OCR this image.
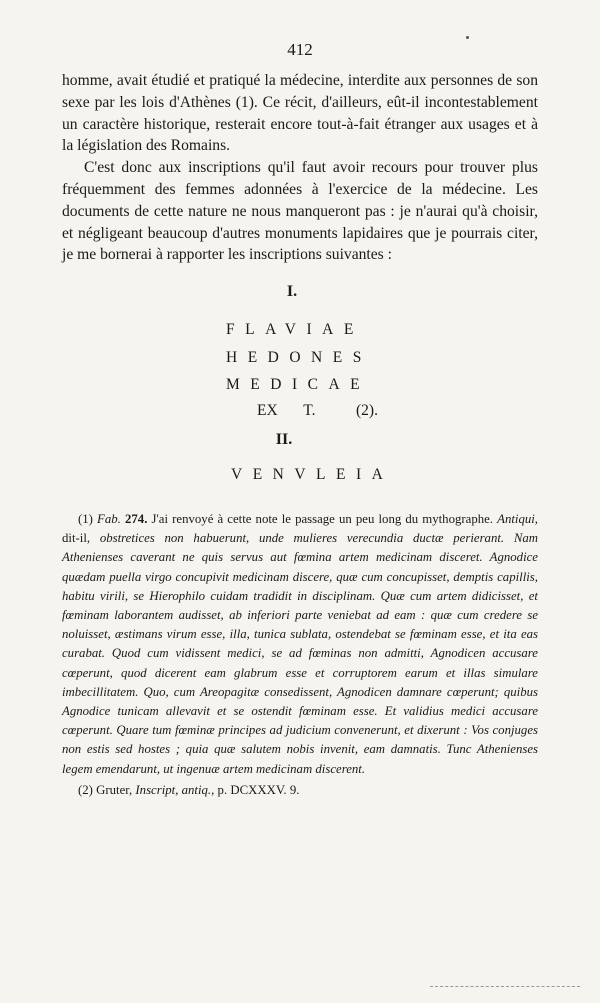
412

homme, avait étudié et pratiqué la médecine, interdite aux personnes de son sexe par les lois d'Athènes (1). Ce récit, d'ailleurs, eût-il incontestablement un caractère historique, resterait encore tout-à-fait étranger aux usages et à la législation des Romains.

C'est donc aux inscriptions qu'il faut avoir recours pour trouver plus fréquemment des femmes adonnées à l'exercice de la médecine. Les documents de cette nature ne nous manqueront pas : je n'aurai qu'à choisir, et négligeant beaucoup d'autres monuments lapidaires que je pourrais citer, je me bornerai à rapporter les inscriptions suivantes :

I.
FLAVIAE
HEDONES
MEDICAE
EX T.	(2).
II.
VENVLEIA

(1) Fab. 274. J'ai renvoyé à cette note le passage un peu long du mythographe. Antiqui, dit-il, obstretices non habuerunt, unde mulieres verecundia ductæ perierant. Nam Athenienses caverant ne quis servus aut fœmina artem medicinam disceret. Agnodice quædam puella virgo concupivit medicinam discere, quæ cum concupisset, demptis capillis, habitu virili, se Hierophilo cuidam tradidit in disciplinam. Quæ cum artem didicisset, et fœminam laborantem audisset, ab inferiori parte veniebat ad eam : quæ cum credere se noluisset, æstimans virum esse, illa, tunica sublata, ostendebat se fœminam esse, et ita eas curabat. Quod cum vidissent medici, se ad fœminas non admitti, Agnodicen accusare cœperunt, quod dicerent eam glabrum esse et corruptorem earum et illas simulare imbecillitatem. Quo, cum Areopagitæ consedissent, Agnodicen damnare cœperunt; quibus Agnodice tunicam allevavit et se ostendit fœminam esse. Et validius medici accusare cœperunt. Quare tum fœminæ principes ad judicium convenerunt, et dixerunt : Vos conjuges non estis sed hostes ; quia quæ salutem nobis invenit, eam damnatis. Tunc Athenienses legem emendarunt, ut ingenuæ artem medicinam discerent.

(2) Gruter, Inscript, antiq., p. DCXXXV. 9.
